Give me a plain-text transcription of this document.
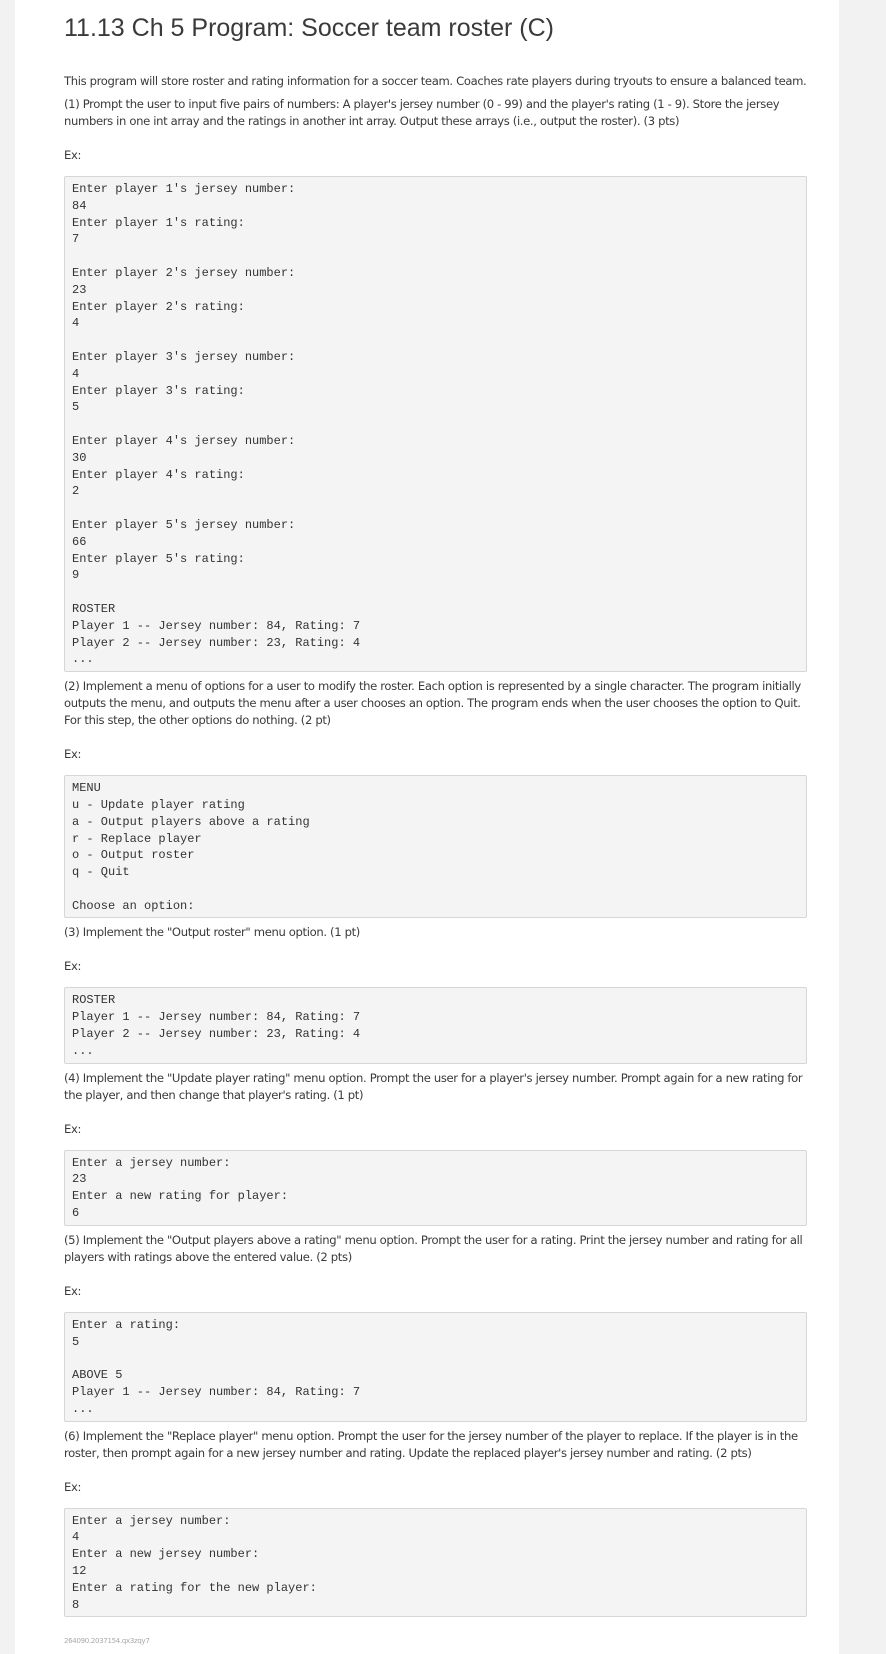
11.13 Ch 5 Program: Soccer team roster (C)

This program will store roster and rating information for a soccer team. Coaches rate players during tryouts to ensure a balanced team.

(1) Prompt the user to input five pairs of numbers: A player's jersey number (0 - 99) and the player's rating (1 - 9). Store the jersey numbers in one int array and the ratings in another int array. Output these arrays (i.e., output the roster). (3 pts)

Ex:

Enter player 1's jersey number:
84
Enter player 1's rating:
7

Enter player 2's jersey number:
23
Enter player 2's rating:
4

Enter player 3's jersey number:
4
Enter player 3's rating:
5

Enter player 4's jersey number:
30
Enter player 4's rating:
2

Enter player 5's jersey number:
66
Enter player 5's rating:
9

ROSTER
Player 1 -- Jersey number: 84, Rating: 7
Player 2 -- Jersey number: 23, Rating: 4
...

(2) Implement a menu of options for a user to modify the roster. Each option is represented by a single character. The program initially outputs the menu, and outputs the menu after a user chooses an option. The program ends when the user chooses the option to Quit. For this step, the other options do nothing. (2 pt)

Ex:

MENU
u - Update player rating
a - Output players above a rating
r - Replace player
o - Output roster
q - Quit

Choose an option:

(3) Implement the "Output roster" menu option. (1 pt)

Ex:

ROSTER
Player 1 -- Jersey number: 84, Rating: 7
Player 2 -- Jersey number: 23, Rating: 4
...

(4) Implement the "Update player rating" menu option. Prompt the user for a player's jersey number. Prompt again for a new rating for the player, and then change that player's rating. (1 pt)

Ex:

Enter a jersey number:
23
Enter a new rating for player:
6

(5) Implement the "Output players above a rating" menu option. Prompt the user for a rating. Print the jersey number and rating for all players with ratings above the entered value. (2 pts)

Ex:

Enter a rating:
5

ABOVE 5
Player 1 -- Jersey number: 84, Rating: 7
...

(6) Implement the "Replace player" menu option. Prompt the user for the jersey number of the player to replace. If the player is in the roster, then prompt again for a new jersey number and rating. Update the replaced player's jersey number and rating. (2 pts)

Ex:

Enter a jersey number:
4
Enter a new jersey number:
12
Enter a rating for the new player:
8
264090.2037154.qx3zqy7
